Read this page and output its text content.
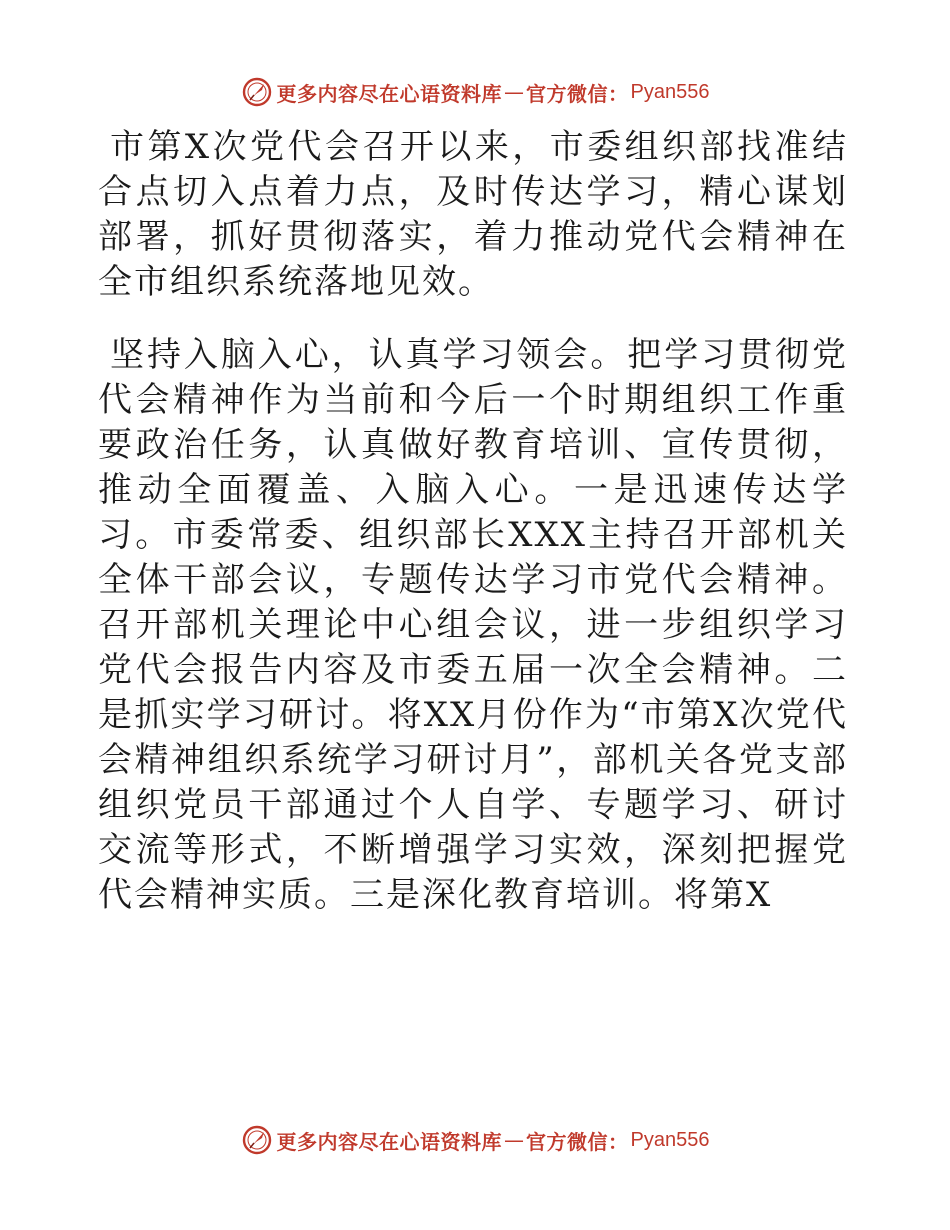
更多内容尽在心语资料库 — 官方微信： Pyan556

市第X次党代会召开以来，市委组织部找准结合点切入点着力点，及时传达学习，精心谋划部署，抓好贯彻落实，着力推动党代会精神在全市组织系统落地见效。

坚持入脑入心，认真学习领会。把学习贯彻党代会精神作为当前和今后一个时期组织工作重要政治任务，认真做好教育培训、宣传贯彻，推动全面覆盖、入脑入心。一是迅速传达学习。市委常委、组织部长XXX主持召开部机关全体干部会议，专题传达学习市党代会精神。召开部机关理论中心组会议，进一步组织学习党代会报告内容及市委五届一次全会精神。二是抓实学习研讨。将XX月份作为“市第X次党代会精神组织系统学习研讨月”，部机关各党支部组织党员干部通过个人自学、专题学习、研讨交流等形式，不断增强学习实效，深刻把握党代会精神实质。三是深化教育培训。将第X

更多内容尽在心语资料库 — 官方微信： Pyan556
